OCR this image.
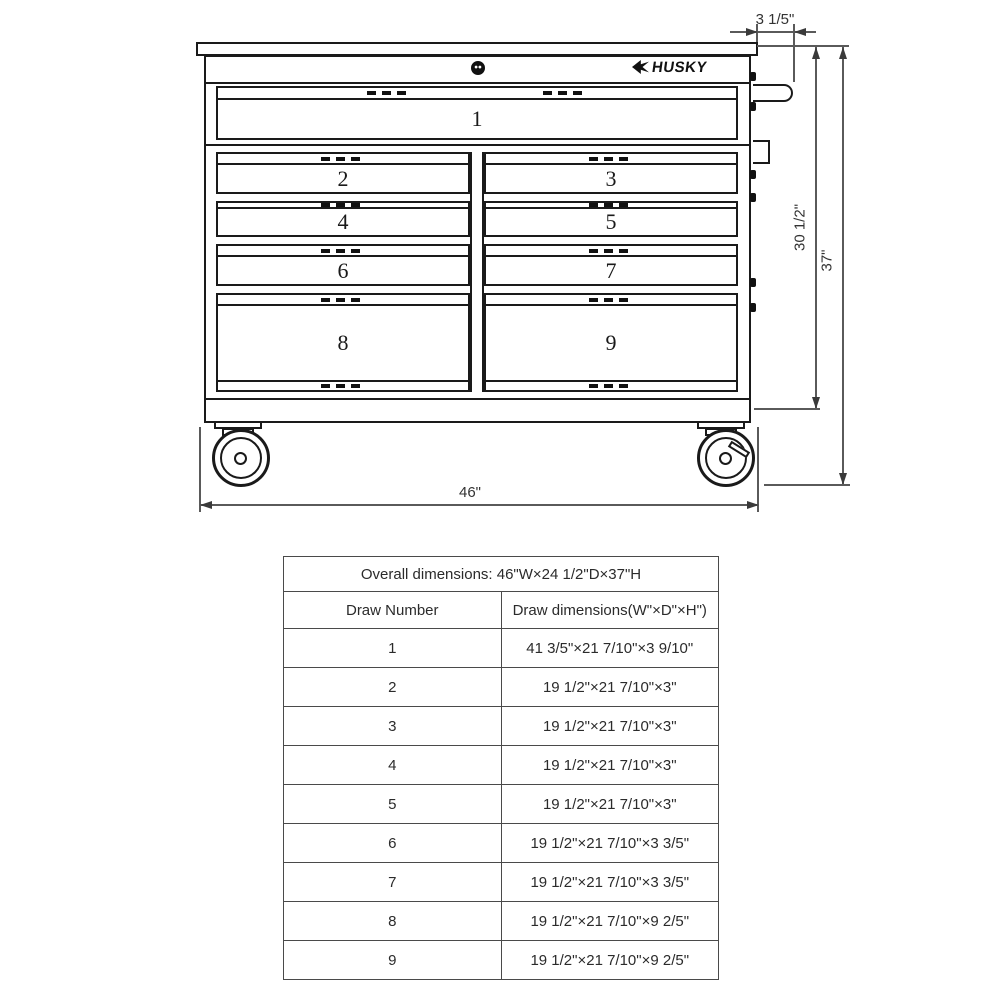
HUSKY
1
2
4
6
8
3
5
7
9
3 1/5"
30 1/2"
37"
46"
Overall dimensions: 46"W×24 1/2"D×37"H	
Draw Number	Draw dimensions(W"×D"×H")
1	41 3/5"×21 7/10"×3 9/10"
2	19 1/2"×21 7/10"×3"
3	19 1/2"×21 7/10"×3"
4	19 1/2"×21 7/10"×3"
5	19 1/2"×21 7/10"×3"
6	19 1/2"×21 7/10"×3 3/5"
7	19 1/2"×21 7/10"×3 3/5"
8	19 1/2"×21 7/10"×9 2/5"
9	19 1/2"×21 7/10"×9 2/5"
